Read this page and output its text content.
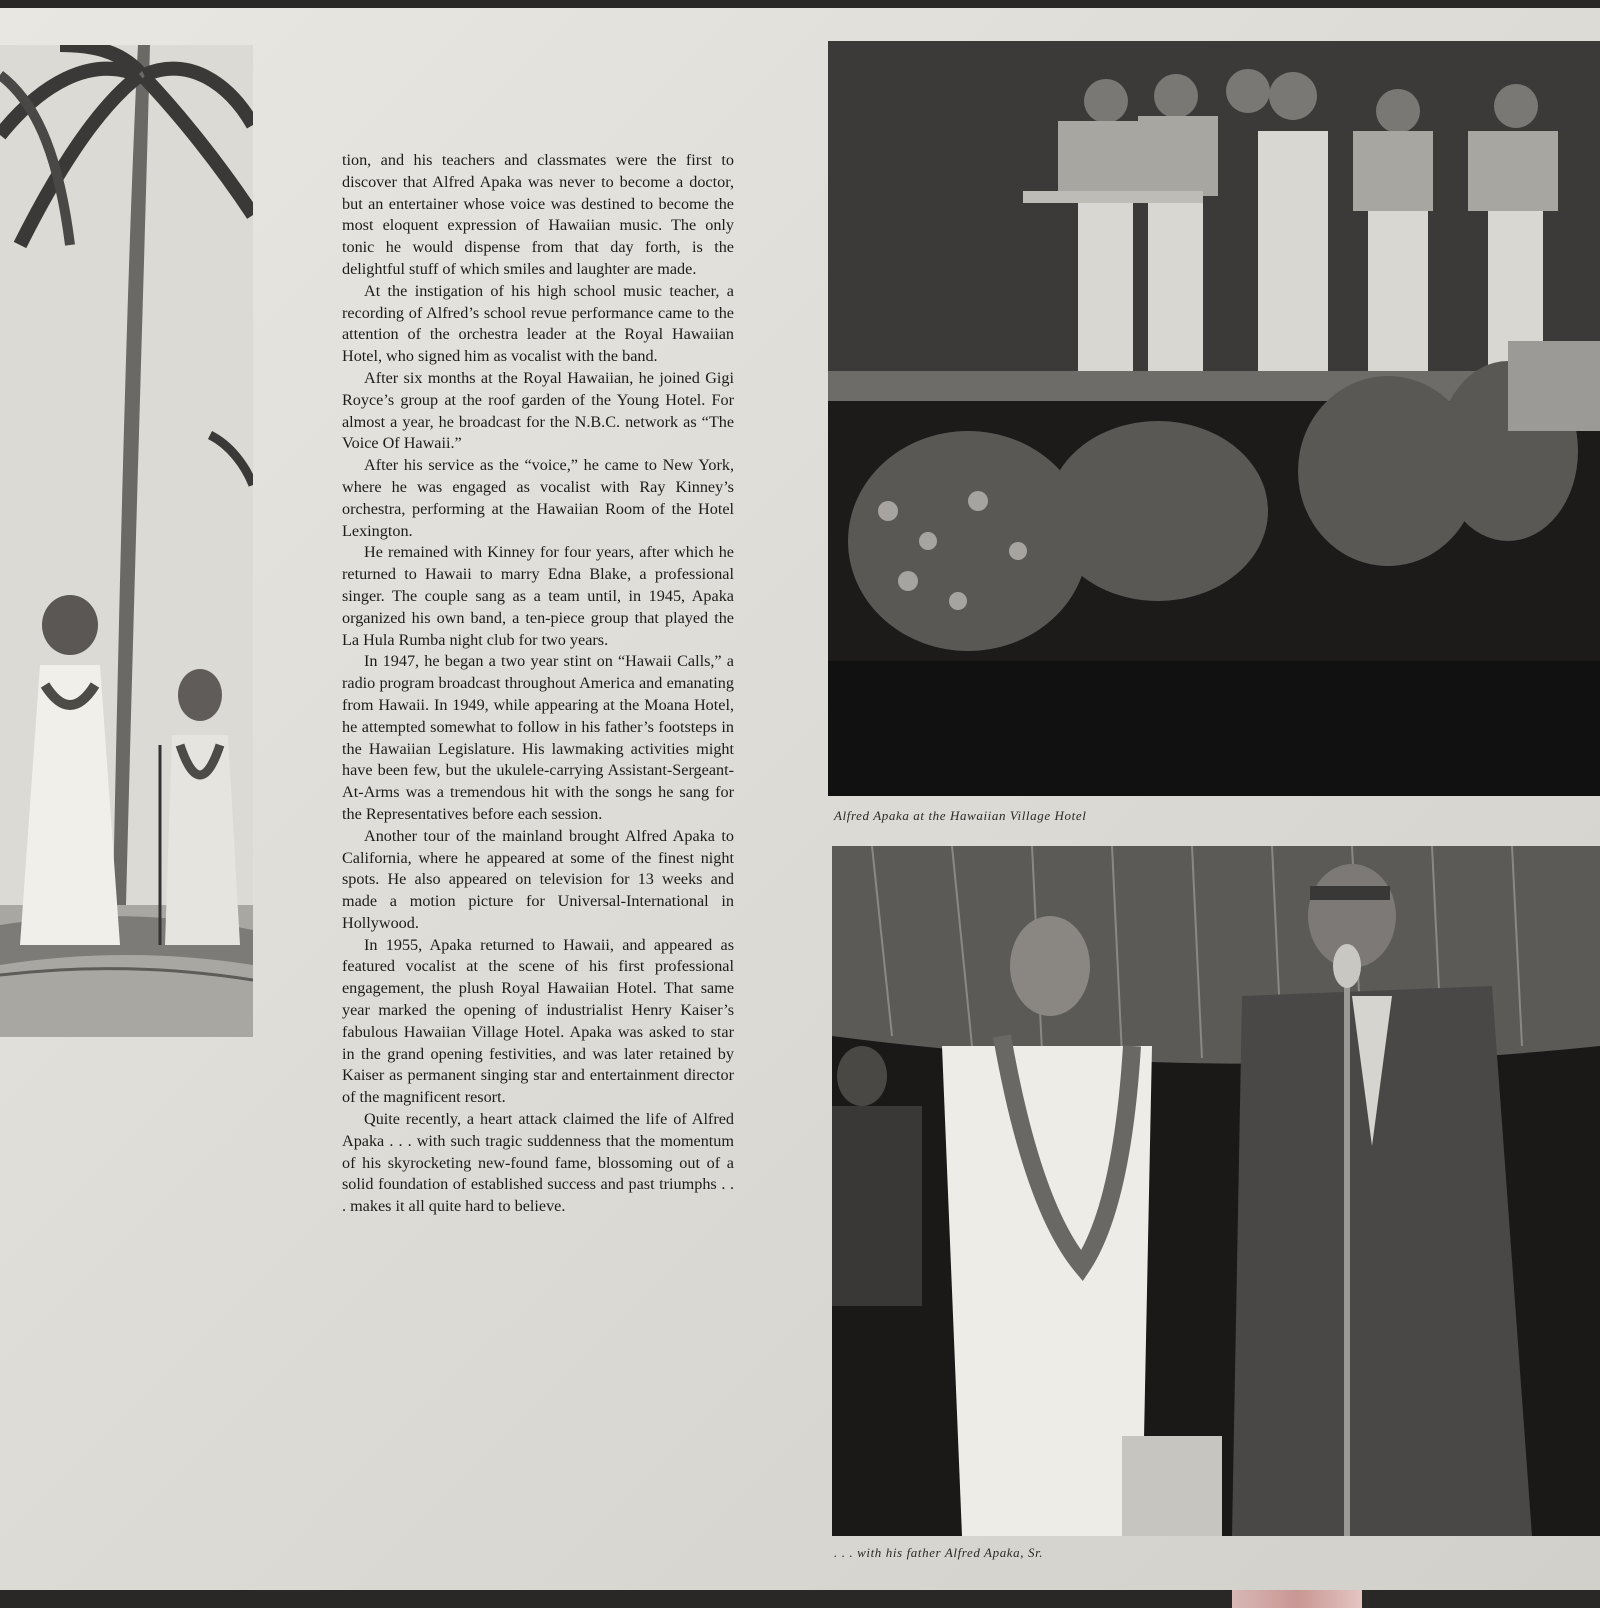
tion, and his teachers and classmates were the first to discover that Alfred Apaka was never to become a doctor, but an entertainer whose voice was destined to become the most eloquent expression of Hawaiian music. The only tonic he would dispense from that day forth, is the delightful stuff of which smiles and laughter are made.

At the instigation of his high school music teacher, a recording of Alfred’s school revue performance came to the attention of the orchestra leader at the Royal Hawaiian Hotel, who signed him as vocalist with the band.

After six months at the Royal Hawaiian, he joined Gigi Royce’s group at the roof garden of the Young Hotel. For almost a year, he broadcast for the N.B.C. network as “The Voice Of Hawaii.”

After his service as the “voice,” he came to New York, where he was engaged as vocalist with Ray Kinney’s orchestra, performing at the Hawaiian Room of the Hotel Lexington.

He remained with Kinney for four years, after which he returned to Hawaii to marry Edna Blake, a professional singer. The couple sang as a team until, in 1945, Apaka organized his own band, a ten-piece group that played the La Hula Rumba night club for two years.

In 1947, he began a two year stint on “Hawaii Calls,” a radio program broadcast throughout America and emanating from Hawaii. In 1949, while appearing at the Moana Hotel, he attempted somewhat to follow in his father’s footsteps in the Hawaiian Legislature. His lawmaking activities might have been few, but the ukulele-carrying Assistant-Sergeant-At-Arms was a tremendous hit with the songs he sang for the Representatives before each session.

Another tour of the mainland brought Alfred Apaka to California, where he appeared at some of the finest night spots. He also appeared on television for 13 weeks and made a motion picture for Universal-International in Hollywood.

In 1955, Apaka returned to Hawaii, and appeared as featured vocalist at the scene of his first professional engagement, the plush Royal Hawaiian Hotel. That same year marked the opening of industrialist Henry Kaiser’s fabulous Hawaiian Village Hotel. Apaka was asked to star in the grand opening festivities, and was later retained by Kaiser as permanent singing star and entertainment director of the magnificent resort.

Quite recently, a heart attack claimed the life of Alfred Apaka . . . with such tragic suddenness that the momentum of his skyrocketing new-found fame, blossoming out of a solid foundation of established success and past triumphs . . . makes it all quite hard to believe.

Alfred Apaka at the Hawaiian Village Hotel
. . . with his father Alfred Apaka, Sr.
